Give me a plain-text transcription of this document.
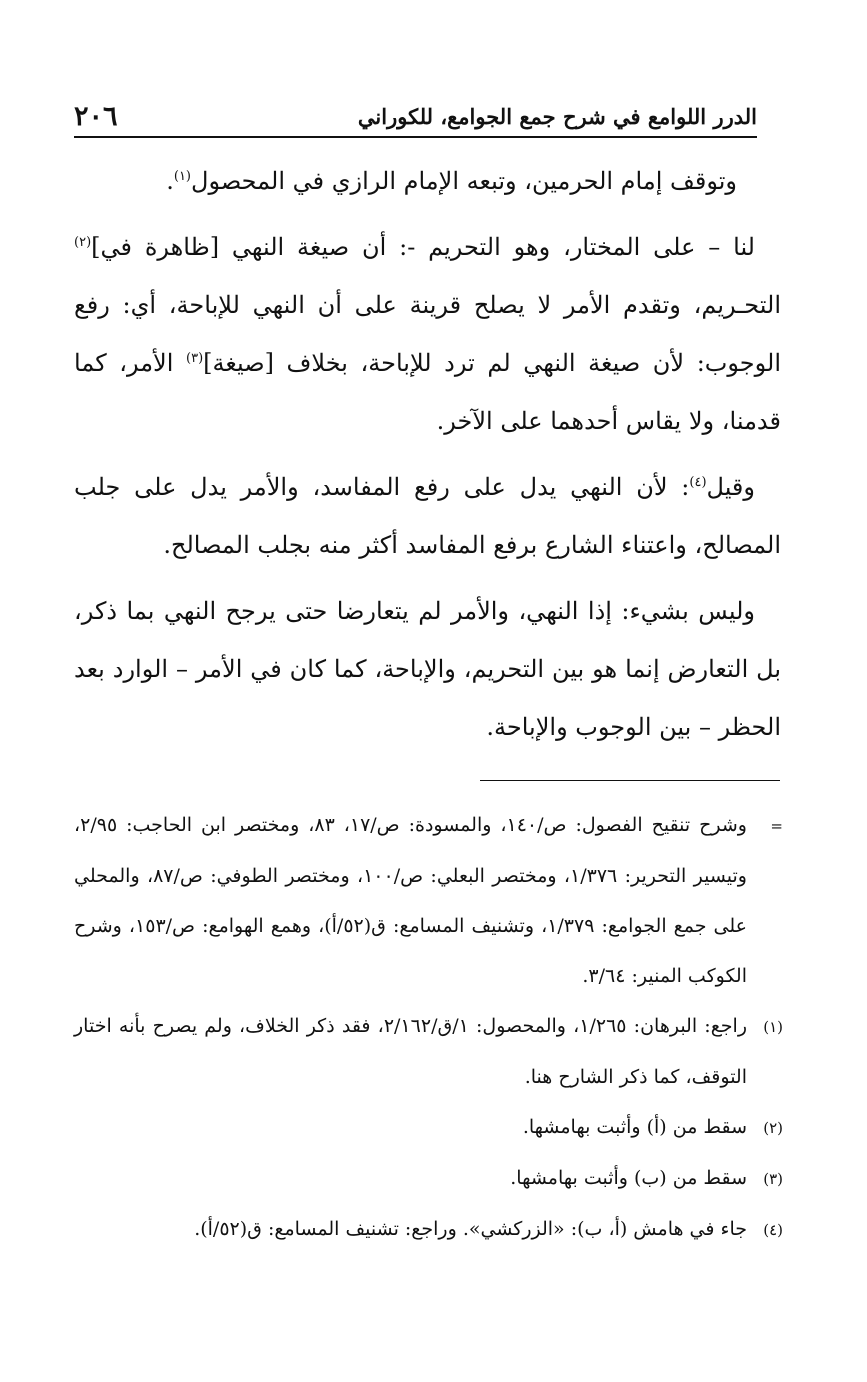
الدرر اللوامع في شرح جمع الجوامع، للكوراني
٢٠٦

وتوقف إمام الحرمين، وتبعه الإمام الرازي في المحصول$^{(١)}$.

لنا – على المختار، وهو التحريم -: أن صيغة النهي [ظاهرة في]$^{(٢)}$ التحـريم، وتقدم الأمر لا يصلح قرينة على أن النهي للإباحة، أي: رفع الوجوب: لأن صيغة النهي لم ترد للإباحة، بخلاف [صيغة]$^{(٣)}$ الأمر، كما قدمنا، ولا يقاس أحدهما على الآخر.

وقيل$^{(٤)}$: لأن النهي يدل على رفع المفاسد، والأمر يدل على جلب المصالح، واعتناء الشارع برفع المفاسد أكثر منه بجلب المصالح.

وليس بشيء: إذا النهي، والأمر لم يتعارضا حتى يرجح النهي بما ذكر، بل التعارض إنما هو بين التحريم، والإباحة، كما كان في الأمر – الوارد بعد الحظر – بين الوجوب والإباحة.

=وشرح تنقيح الفصول: ص/١٤٠، والمسودة: ص/١٧، ٨٣، ومختصر ابن الحاجب: ٢/٩٥، وتيسير التحرير: ١/٣٧٦، ومختصر البعلي: ص/١٠٠، ومختصر الطوفي: ص/٨٧، والمحلي على جمع الجوامع: ١/٣٧٩، وتشنيف المسامع: ق(٥٢/أ)، وهمع الهوامع: ص/١٥٣، وشرح الكوكب المنير: ٣/٦٤.

(١)راجع: البرهان: ١/٢٦٥، والمحصول: ١/ق/٢/١٦٢، فقد ذكر الخلاف، ولم يصرح بأنه اختار التوقف، كما ذكر الشارح هنا.

(٢)سقط من (أ) وأثبت بهامشها.

(٣)سقط من (ب) وأثبت بهامشها.

(٤)جاء في هامش (أ، ب): «الزركشي». وراجع: تشنيف المسامع: ق(٥٢/أ).
